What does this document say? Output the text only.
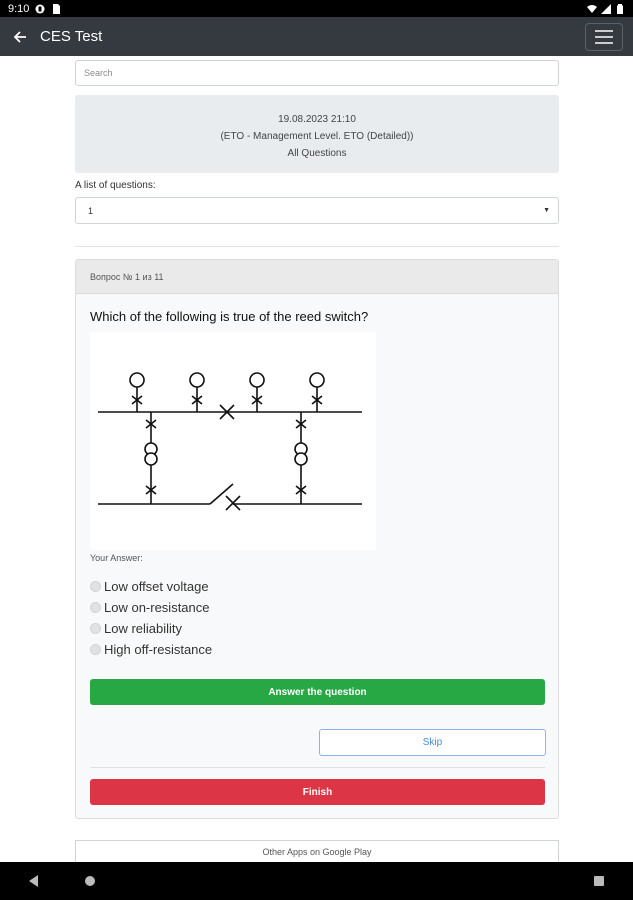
9:10
CES Test
Search
19.08.2023 21:10
(ETO - Management Level. ETO (Detailed))
All Questions
A list of questions:
1	▼
Вопрос № 1 из 11
Which of the following is true of the reed switch?
Your Answer:
Low offset voltage
Low on-resistance
Low reliability
High off-resistance
Answer the question
Skip
Finish
Other Apps on Google Play
